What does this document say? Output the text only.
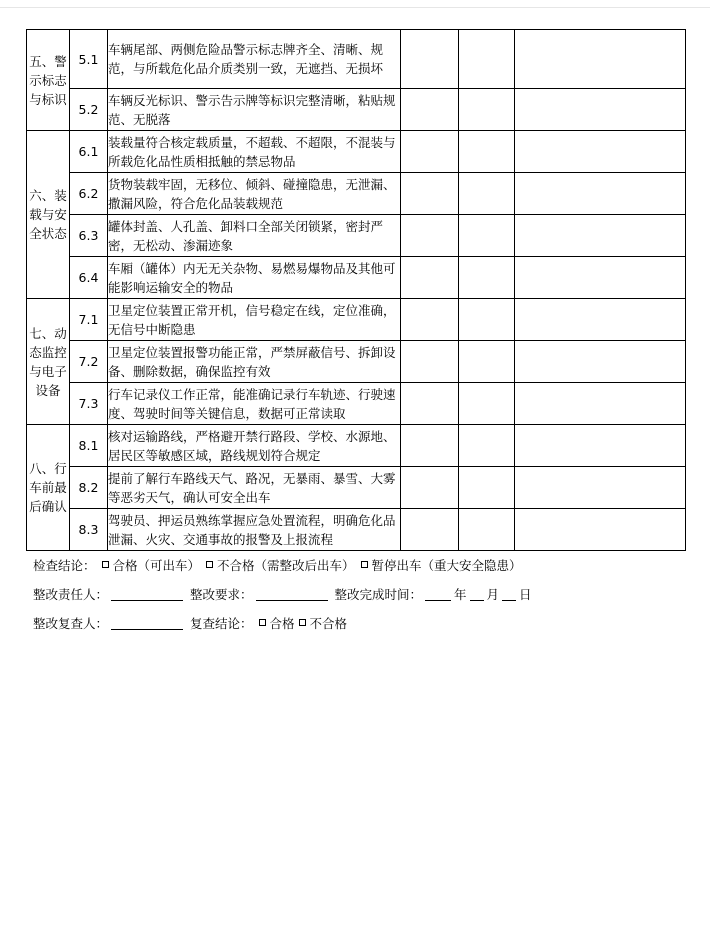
五、警示标志与标识	5.1	车辆尾部、两侧危险品警示标志牌齐全、清晰、规范，与所载危化品介质类别一致，无遮挡、无损坏			
	5.2	车辆反光标识、警示告示牌等标识完整清晰，粘贴规范、无脱落			
六、装载与安全状态	6.1	装载量符合核定载质量，不超载、不超限，不混装与所载危化品性质相抵触的禁忌物品			
	6.2	货物装载牢固，无移位、倾斜、碰撞隐患，无泄漏、撒漏风险，符合危化品装载规范			
	6.3	罐体封盖、人孔盖、卸料口全部关闭锁紧，密封严密，无松动、渗漏迹象			
	6.4	车厢（罐体）内无无关杂物、易燃易爆物品及其他可能影响运输安全的物品			
七、动态监控与电子设备	7.1	卫星定位装置正常开机，信号稳定在线，定位准确，无信号中断隐患			
	7.2	卫星定位装置报警功能正常，严禁屏蔽信号、拆卸设备、删除数据，确保监控有效			
	7.3	行车记录仪工作正常，能准确记录行车轨迹、行驶速度、驾驶时间等关键信息，数据可正常读取			
八、行车前最后确认	8.1	核对运输路线，严格避开禁行路段、学校、水源地、居民区等敏感区域，路线规划符合规定			
	8.2	提前了解行车路线天气、路况，无暴雨、暴雪、大雾等恶劣天气，确认可安全出车			
	8.3	驾驶员、押运员熟练掌握应急处置流程，明确危化品泄漏、火灾、交通事故的报警及上报流程			
检查结论： 合格（可出车） 不合格（需整改后出车） 暂停出车（重大安全隐患）
整改责任人：	整改要求：	整改完成时间：	年 月 日
整改复查人：	复查结论： 合格 不合格
